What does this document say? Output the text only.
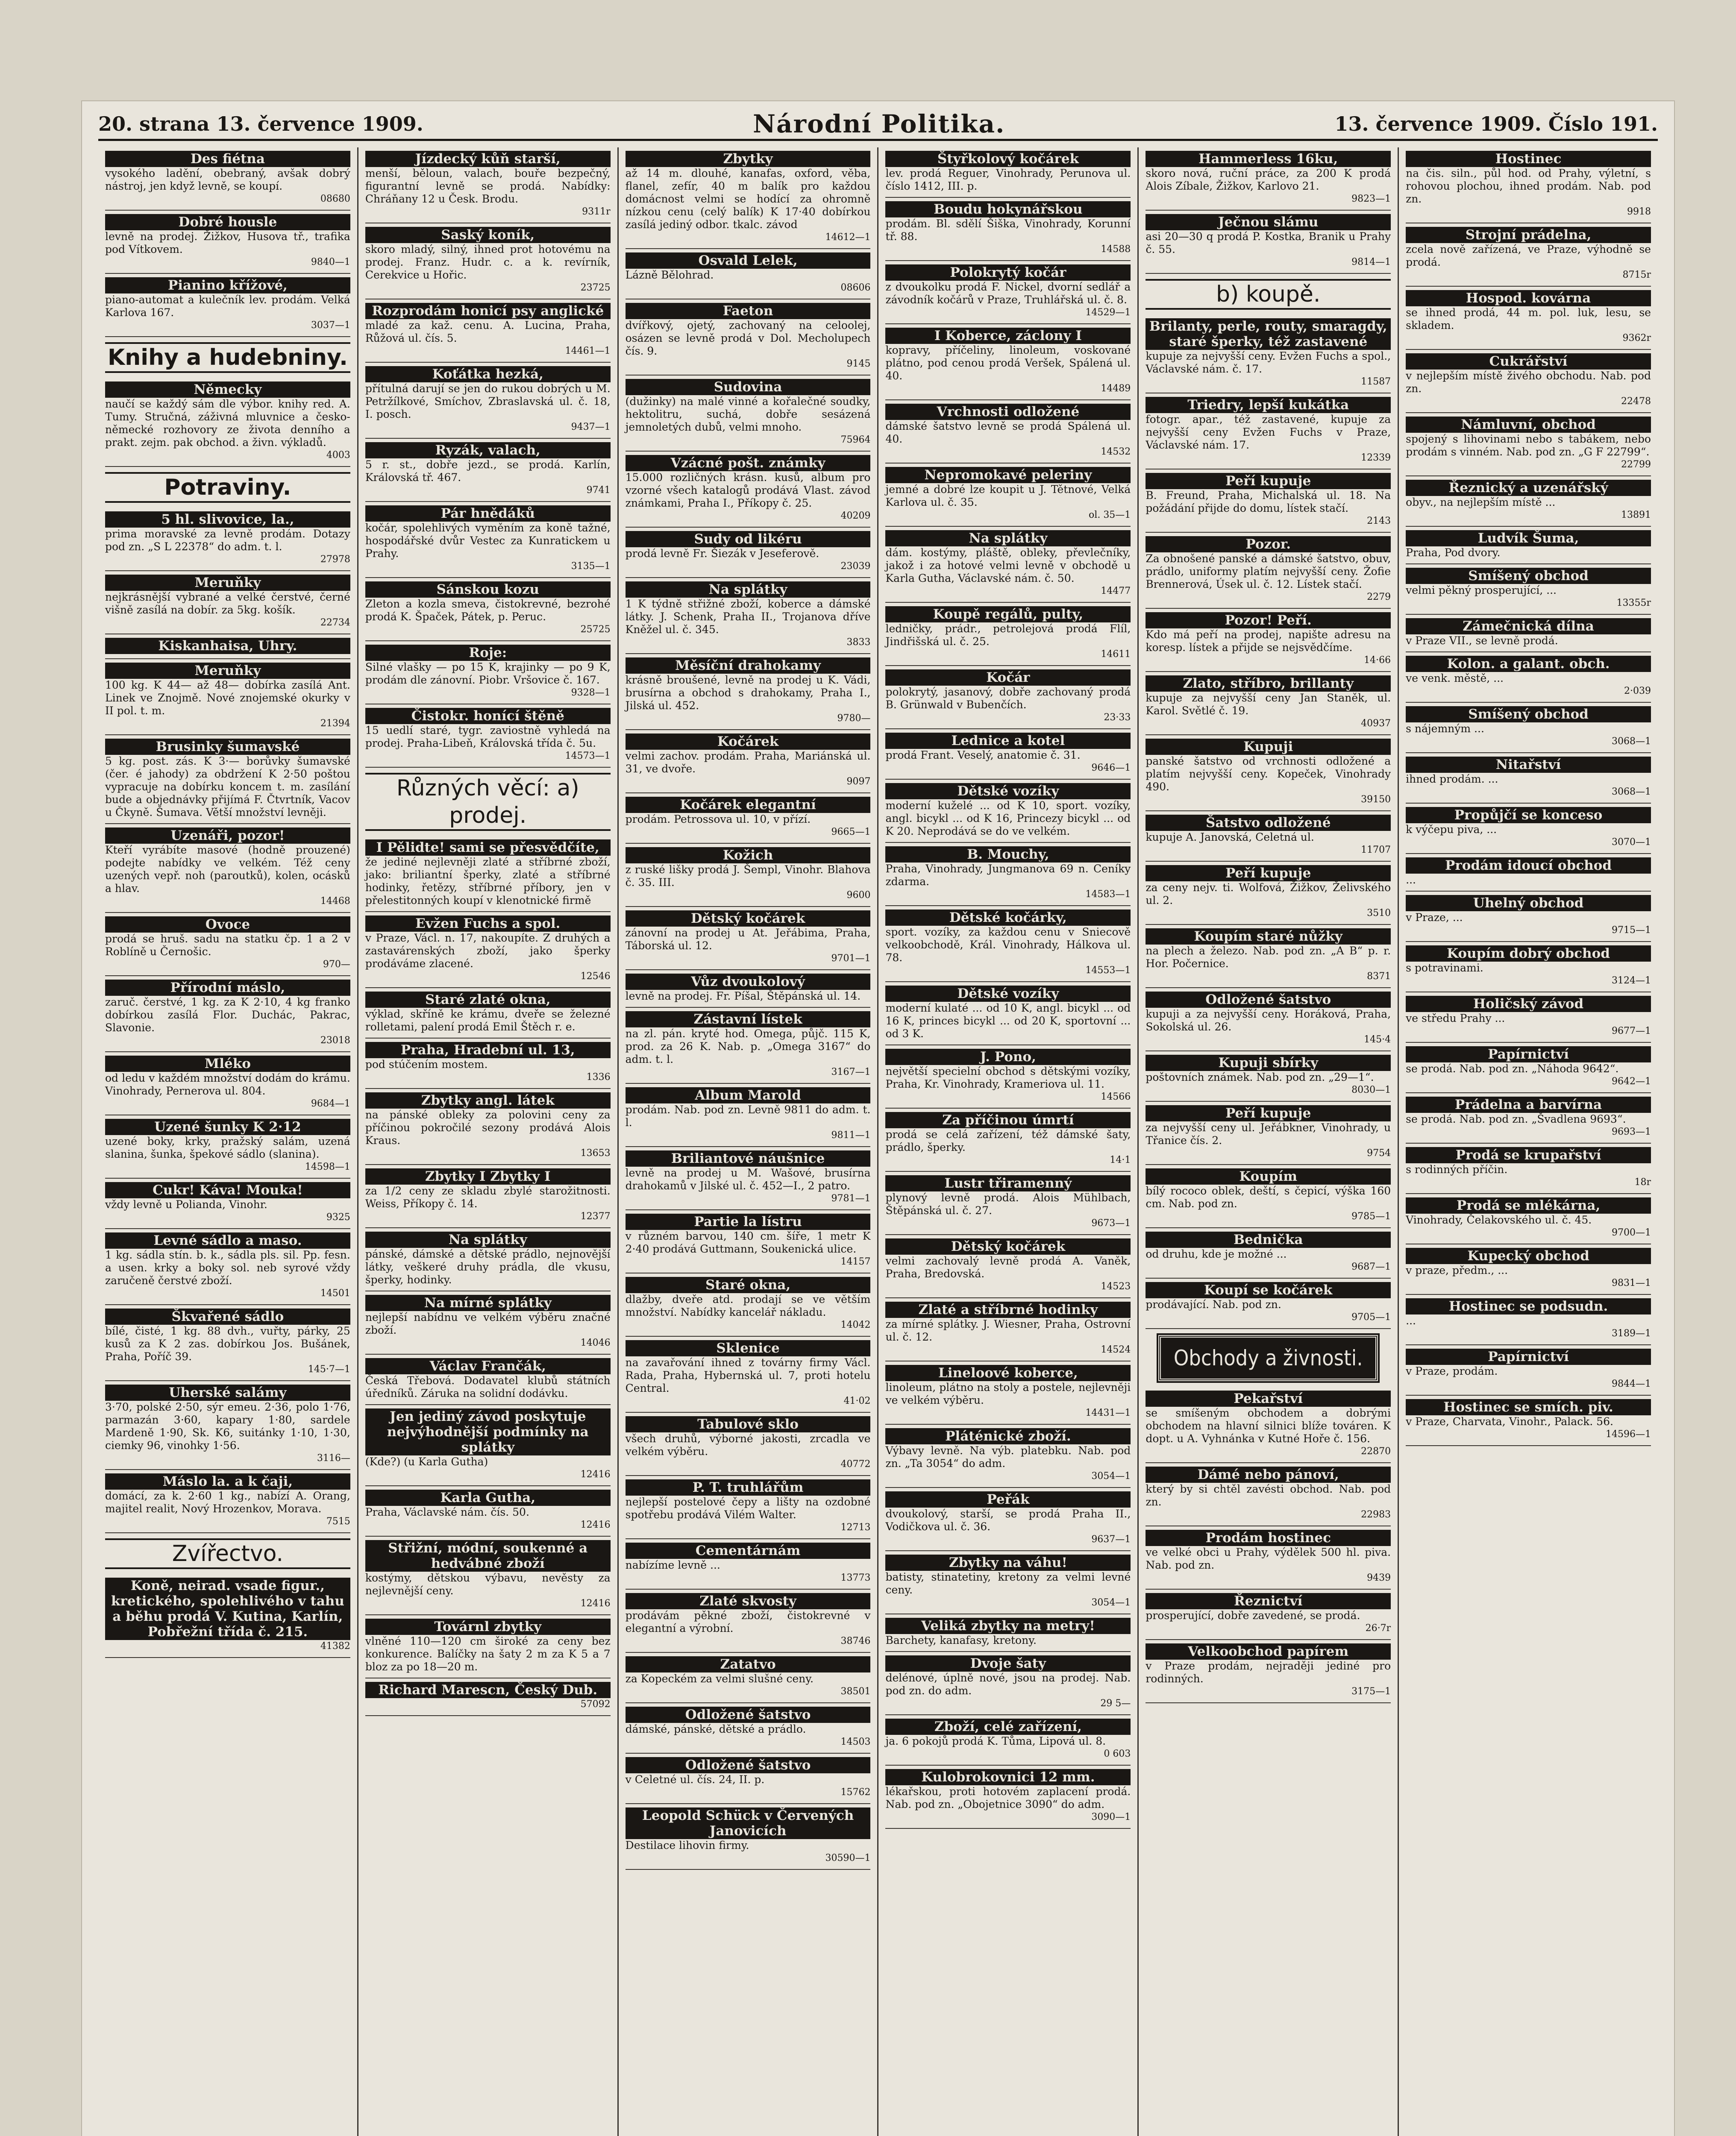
20. strana 13. července 1909.	Národní Politika.	13. července 1909. Číslo 191.
Des fiétna
vysokého ladění, obebraný, avšak dobrý nástroj, jen když levně, se koupí.
08680
Dobré housle
levně na prodej. Žižkov, Husova tř., trafika pod Vítkovem.
9840—1
Pianino křížové,
piano-automat a kulečník lev. prodám. Velká Karlova 167.
3037—1
Knihy a hudebniny.
Německy
naučí se každý sám dle výbor. knihy red. A. Tumy. Stručná, záživná mluvnice a česko-německé rozhovory ze života denního a prakt. zejm. pak obchod. a živn. výkladů.
4003
Potraviny.
5 hl. slivovice, la.,
prima moravské za levně prodám. Dotazy pod zn. „S L 22378“ do adm. t. l.
27978
Meruňky
nejkrásnější vybrané a velké čerstvé, černé višně zasílá na dobír. za 5kg. košík.
22734
Kiskanhaisa, Uhry.
Meruňky
100 kg. K 44— až 48— dobírka zasílá Ant. Linek ve Znojmě. Nové znojemské okurky v II pol. t. m.
21394
Brusinky šumavské
5 kg. post. zás. K 3·— borůvky šumavské (čer. é jahody) za obdržení K 2·50 poštou vypracuje na dobírku koncem t. m. zasílání bude a objednávky přijímá F. Čtvrtník, Vacov u Čkyně. Šumava. Větší množství levněji.
Uzenáři, pozor!
Kteří vyrábíte masové (hodně prouzené) podejte nabídky ve velkém. Též ceny uzených vepř. noh (paroutků), kolen, ocásků a hlav.
14468
Ovoce
prodá se hruš. sadu na statku čp. 1 a 2 v Roblíně u Černošic.
970—
Přírodní máslo,
zaruč. čerstvé, 1 kg. za K 2·10, 4 kg franko dobírkou zasílá Flor. Duchác, Pakrac, Slavonie.
23018
Mléko
od ledu v každém množství dodám do krámu. Vinohrady, Pernerova ul. 804.
9684—1
Uzené šunky K 2·12
uzené boky, krky, pražský salám, uzená slanina, šunka, špekové sádlo (slanina).
14598—1
Cukr! Káva! Mouka!
vždy levně u Polianda, Vinohr.
9325
Levné sádlo a maso.
1 kg. sádla stín. b. k., sádla pls. sil. Pp. fesn. a usen. krky a boky sol. neb syrové vždy zaručeně čerstvé zboží.
14501
Škvařené sádlo
bílé, čisté, 1 kg. 88 dvh., vuřty, párky, 25 kusů za K 2 zas. dobírkou Jos. Bušánek, Praha, Poříč 39.
145·7—1
Uherské salámy
3·70, polské 2·50, sýr emeu. 2·36, polo 1·76, parmazán 3·60, kapary 1·80, sardele Mardeně 1·90, Sk. K6, suitánky 1·10, 1·30, ciemky 96, vinohky 1·56.
3116—
Máslo la. a k čaji,
domácí, za k. 2·60 1 kg., nabízí A. Orang, majitel realit, Nový Hrozenkov, Morava.
7515
Zvířectvo.
Koně, neirad. vsade figur., kretického, spolehlivého v tahu a běhu prodá V. Kutina, Karlín, Pobřežní třída č. 215.
41382
Jízdecký kůň starší,
menší, běloun, valach, bouře bezpečný, figurantní levně se prodá. Nabídky: Chráňany 12 u Česk. Brodu.
9311r
Saský koník,
skoro mladý, silný, ihned prot hotovému na prodej. Franz. Hudr. c. a k. revírník, Cerekvice u Hořic.
23725
Rozprodám honicí psy anglické
mladé za kaž. cenu. A. Lucina, Praha, Růžová ul. čís. 5.
14461—1
Koťátka hezká,
přítulná darují se jen do rukou dobrých u M. Petržílkové, Smíchov, Zbraslavská ul. č. 18, I. posch.
9437—1
Ryzák, valach,
5 r. st., dobře jezd., se prodá. Karlín, Královská tř. 467.
9741
Pár hnědáků
kočár, spolehlivých vyměním za koně tažné, hospodářské dvůr Vestec za Kunratickem u Prahy.
3135—1
Sánskou kozu
Zleton a kozla smeva, čistokrevné, bezrohé prodá K. Špaček, Pátek, p. Peruc.
25725
Roje:
Silné vlašky — po 15 K, krajinky — po 9 K, prodám dle zánovní. Piobr. Vršovice č. 167.
9328—1
Čistokr. honící štěně
15 uedlí staré, tygr. zaviostně vyhledá na prodej. Praha-Libeň, Královská třída č. 5u.
14573—1
Různých věcí: a) prodej.
I Pělidte! sami se přesvědčíte,
že jediné nejlevněji zlaté a stříbrné zboží, jako: briliantní šperky, zlaté a stříbrné hodinky, řetězy, stříbrné příbory, jen v přelestitonných koupí v klenotnické firmě
Evžen Fuchs a spol.
v Praze, Václ. n. 17, nakoupíte. Z druhých a zastavárenských zboží, jako šperky prodáváme zlacené.
12546
Staré zlaté okna,
výklad, skříně ke krámu, dveře se železné rolletami, palení prodá Emil Štěch r. e.
Praha, Hradební ul. 13,
pod stúčením mostem.
1336
Zbytky angl. látek
na pánské obleky za polovini ceny za příčinou pokročilé sezony prodává Alois Kraus.
13653
Zbytky I Zbytky I
za 1/2 ceny ze skladu zbylé starožitnosti. Weiss, Příkopy č. 14.
12377
Na splátky
pánské, dámské a dětské prádlo, nejnovější látky, veškeré druhy prádla, dle vkusu, šperky, hodinky.
Na mírné splátky
nejlepší nabídnu ve velkém výběru značné zboží.
14046
Václav Frančák,
Česká Třebová. Dodavatel klubů státních úředníků. Záruka na solidní dodávku.
Jen jediný závod poskytuje nejvýhodnější podmínky na splátky
(Kde?) (u Karla Gutha)
12416
Karla Gutha,
Praha, Václavské nám. čís. 50.
12416
Střižní, módní, soukenné a hedvábné zboží
kostýmy, dětskou výbavu, nevěsty za nejlevnější ceny.
12416
Továrnl zbytky
vlněné 110—120 cm široké za ceny bez konkurence. Balíčky na šaty 2 m za K 5 a 7 bloz za po 18—20 m.
Richard Marescn, Český Dub.
57092
Zbytky
až 14 m. dlouhé, kanafas, oxford, věba, flanel, zefír, 40 m balík pro každou domácnost velmi se hodící za ohromně nízkou cenu (celý balík) K 17·40 dobírkou zasílá jediný odbor. tkalc. závod
14612—1
Osvald Lelek,
Lázně Bělohrad.
08606
Faeton
dvířkový, ojetý, zachovaný na celoolej, osázen se levně prodá v Dol. Mecholupech čís. 9.
9145
Sudovina
(dužinky) na malé vinné a kořalečné soudky, hektolitru, suchá, dobře sesázená jemnoletých dubů, velmi mnoho.
75964
Vzácné pošt. známky
15.000 rozličných krásn. kusů, album pro vzorné všech katalogů prodává Vlast. závod známkami, Praha I., Příkopy č. 25.
40209
Sudy od likéru
prodá levně Fr. Šiezák v Jeseferově.
23039
Na splátky
1 K týdně střižné zboží, koberce a dámské látky. J. Schenk, Praha II., Trojanova dříve Kněžel ul. č. 345.
3833
Měsíční drahokamy
krásně broušené, levně na prodej u K. Vádi, brusírna a obchod s drahokamy, Praha I., Jilská ul. 452.
9780—
Kočárek
velmi zachov. prodám. Praha, Mariánská ul. 31, ve dvoře.
9097
Kočárek elegantní
prodám. Petrossova ul. 10, v přízí.
9665—1
Kožich
z ruské lišky prodá J. Šempl, Vinohr. Blahova č. 35. III.
9600
Dětský kočárek
zánovní na prodej u At. Jeřábima, Praha, Táborská ul. 12.
9701—1
Vůz dvoukolový
levně na prodej. Fr. Píšal, Štěpánská ul. 14.
Zástavní lístek
na zl. pán. kryté hod. Omega, půjč. 115 K, prod. za 26 K. Nab. p. „Omega 3167“ do adm. t. l.
3167—1
Album Marold
prodám. Nab. pod zn. Levně 9811 do adm. t. l.
9811—1
Briliantové náušnice
levně na prodej u M. Wašové, brusírna drahokamů v Jilské ul. č. 452—I., 2 patro.
9781—1
Partie la lístru
v různém barvou, 140 cm. šíře, 1 metr K 2·40 prodává Guttmann, Soukenická ulice.
14157
Staré okna,
dlažby, dveře atd. prodají se ve větším množství. Nabídky kancelář nákladu.
14042
Sklenice
na zavařování ihned z továrny firmy Václ. Rada, Praha, Hybernská ul. 7, proti hotelu Central.
41·02
Tabulové sklo
všech druhů, výborné jakosti, zrcadla ve velkém výběru.
40772
P. T. truhlářům
nejlepší postelové čepy a lišty na ozdobné spotřebu prodává Vilém Walter.
12713
Cementárnám
nabízíme levně ...
13773
Zlaté skvosty
prodávám pěkné zboží, čistokrevné v elegantní a výrobní.
38746
Zatatvo
za Kopeckém za velmi slušné ceny.
38501
Odložené šatstvo
dámské, pánské, dětské a prádlo.
14503
Odložené šatstvo
v Celetné ul. čís. 24, II. p.
15762
Leopold Schück v Červených Janovicích
Destilace lihovin firmy.
30590—1
Štyřkolový kočárek
lev. prodá Reguer, Vinohrady, Perunova ul. číslo 1412, III. p.
Boudu hokynářskou
prodám. Bl. sdělí Šiška, Vinohrady, Korunní tř. 88.
14588
Polokrytý kočár
z dvoukolku prodá F. Nickel, dvorní sedlář a závodník kočárů v Praze, Truhlářská ul. č. 8.
14529—1
I Koberce, záclony I
kopravy, příčeliny, linoleum, voskované plátno, pod cenou prodá Veršek, Spálená ul. 40.
14489
Vrchnosti odložené
dámské šatstvo levně se prodá Spálená ul. 40.
14532
Nepromokavé peleriny
jemné a dobré lze koupit u J. Tětnové, Velká Karlova ul. č. 35.
ol. 35—1
Na splátky
dám. kostýmy, pláště, obleky, převlečníky, jakož i za hotové velmi levně v obchodě u Karla Gutha, Václavské nám. č. 50.
14477
Koupě regálů, pulty,
ledničky, prádr., petrolejová prodá Flíl, Jindřišská ul. č. 25.
14611
Kočár
polokrytý, jasanový, dobře zachovaný prodá B. Grünwald v Bubenčích.
23·33
Lednice a kotel
prodá Frant. Veselý, anatomie č. 31.
9646—1
Dětské vozíky
moderní kuželé ... od K 10, sport. vozíky, angl. bicykl ... od K 16, Princezy bicykl ... od K 20. Neprodává se do ve velkém.
B. Mouchy,
Praha, Vinohrady, Jungmanova 69 n. Ceníky zdarma.
14583—1
Dětské kočárky,
sport. vozíky, za každou cenu v Sniecově velkoobchodě, Král. Vinohrady, Hálkova ul. 78.
14553—1
Dětské vozíky
moderní kulaté ... od 10 K, angl. bicykl ... od 16 K, princes bicykl ... od 20 K, sportovní ... od 3 K.
J. Pono,
největší specielní obchod s dětskými vozíky, Praha, Kr. Vinohrady, Krameriova ul. 11.
14566
Za příčinou úmrtí
prodá se celá zařízení, též dámské šaty, prádlo, šperky.
14·1
Lustr třiramenný
plynový levně prodá. Alois Mühlbach, Štěpánská ul. č. 27.
9673—1
Dětský kočárek
velmi zachovalý levně prodá A. Vaněk, Praha, Bredovská.
14523
Zlaté a stříbrné hodinky
za mírné splátky. J. Wiesner, Praha, Ostrovní ul. č. 12.
14524
Lineloové koberce,
linoleum, plátno na stoly a postele, nejlevněji ve velkém výběru.
14431—1
Pláténické zboží.
Výbavy levně. Na výb. platebku. Nab. pod zn. „Ta 3054“ do adm.
3054—1
Peřák
dvoukolový, starší, se prodá Praha II., Vodičkova ul. č. 36.
9637—1
Zbytky na váhu!
batisty, stinatetiny, kretony za velmi levné ceny.
3054—1
Veliká zbytky na metry!
Barchety, kanafasy, kretony.
Dvoje šaty
delénové, úplně nové, jsou na prodej. Nab. pod zn. do adm.
29 5—
Zboží, celé zařízení,
ja. 6 pokojů prodá K. Tůma, Lipová ul. 8.
0 603
Kulobrokovnici 12 mm.
lékařskou, proti hotovém zaplacení prodá. Nab. pod zn. „Obojetnice 3090“ do adm.
3090—1
Hammerless 16ku,
skoro nová, ruční práce, za 200 K prodá Alois Zíbale, Žižkov, Karlovo 21.
9823—1
Ječnou slámu
asi 20—30 q prodá P. Kostka, Branik u Prahy č. 55.
9814—1
b) koupě.
Brilanty, perle, routy, smaragdy, staré šperky, též zastavené
kupuje za nejvyšší ceny. Evžen Fuchs a spol., Václavské nám. č. 17.
11587
Triedry, lepší kukátka
fotogr. apar., též zastavené, kupuje za nejvyšší ceny Evžen Fuchs v Praze, Václavské nám. 17.
12339
Peří kupuje
B. Freund, Praha, Michalská ul. 18. Na požádání přijde do domu, lístek stačí.
2143
Pozor.
Za obnošené panské a dámské šatstvo, obuv, prádlo, uniformy platím nejvyšší ceny. Žofie Brennerová, Úsek ul. č. 12. Lístek stačí.
2279
Pozor! Peří.
Kdo má peří na prodej, napište adresu na koresp. lístek a přijde se nejsvědčíme.
14·66
Zlato, stříbro, brillanty
kupuje za nejvyšší ceny Jan Staněk, ul. Karol. Světlé č. 19.
40937
Kupuji
panské šatstvo od vrchnosti odložené a platím nejvyšší ceny. Kopeček, Vinohrady 490.
39150
Šatstvo odložené
kupuje A. Janovská, Celetná ul.
11707
Peří kupuje
za ceny nejv. ti. Wolfová, Žižkov, Želivského ul. 2.
3510
Koupím staré nůžky
na plech a železo. Nab. pod zn. „A B“ p. r. Hor. Počernice.
8371
Odložené šatstvo
kupuji a za nejvyšší ceny. Horáková, Praha, Sokolská ul. 26.
145·4
Kupuji sbírky
poštovních známek. Nab. pod zn. „29—1“.
8030—1
Peří kupuje
za nejvyšší ceny ul. Jeřábkner, Vinohrady, u Třanice čís. 2.
9754
Koupím
bílý rococo oblek, deští, s čepicí, výška 160 cm. Nab. pod zn.
9785—1
Bednička
od druhu, kde je možné ...
9687—1
Koupí se kočárek
prodávající. Nab. pod zn.
9705—1
Obchody a živnosti.
Pekařství
se smíšeným obchodem a dobrými obchodem na hlavní silnici blíže továren. K dopt. u A. Vyhnánka v Kutné Hoře č. 156.
22870
Dámé nebo pánoví,
který by si chtěl zavésti obchod. Nab. pod zn.
22983
Prodám hostinec
ve velké obci u Prahy, výdělek 500 hl. piva. Nab. pod zn.
9439
Řeznictví
prosperující, dobře zavedené, se prodá.
26·7r
Velkoobchod papírem
v Praze prodám, nejraději jediné pro rodinných.
3175—1
Hostinec
na čis. siln., půl hod. od Prahy, výletní, s rohovou plochou, ihned prodám. Nab. pod zn.
9918
Strojní prádelna,
zcela nově zařízená, ve Praze, výhodně se prodá.
8715r
Hospod. kovárna
se ihned prodá, 44 m. pol. luk, lesu, se skladem.
9362r
Cukrářství
v nejlepším místě živého obchodu. Nab. pod zn.
22478
Námluvní, obchod
spojený s lihovinami nebo s tabákem, nebo prodám s vinném. Nab. pod zn. „G F 22799“.
22799
Řeznický a uzenářský
obyv., na nejlepším místě ...
13891
Ludvík Šuma,
Praha, Pod dvory.
Smíšený obchod
velmi pěkný prosperující, ...
13355r
Zámečnická dílna
v Praze VII., se levně prodá.
Kolon. a galant. obch.
ve venk. městě, ...
2·039
Smíšený obchod
s nájemným ...
3068—1
Nitařství
ihned prodám. ...
3068—1
Propůjčí se konceso
k výčepu piva, ...
3070—1
Prodám idoucí obchod
...
Uhelný obchod
v Praze, ...
9715—1
Koupím dobrý obchod
s potravinami.
3124—1
Holičský závod
ve středu Prahy ...
9677—1
Papírnictví
se prodá. Nab. pod zn. „Náhoda 9642“.
9642—1
Prádelna a barvírna
se prodá. Nab. pod zn. „Švadlena 9693“.
9693—1
Prodá se krupařství
s rodinných příčin.
18r
Prodá se mlékárna,
Vinohrady, Čelakovského ul. č. 45.
9700—1
Kupecký obchod
v praze, předm., ...
9831—1
Hostinec se podsudn.
...
3189—1
Papírnictví
v Praze, prodám.
9844—1
Hostinec se smích. piv.
v Praze, Charvata, Vinohr., Palack. 56.
14596—1
